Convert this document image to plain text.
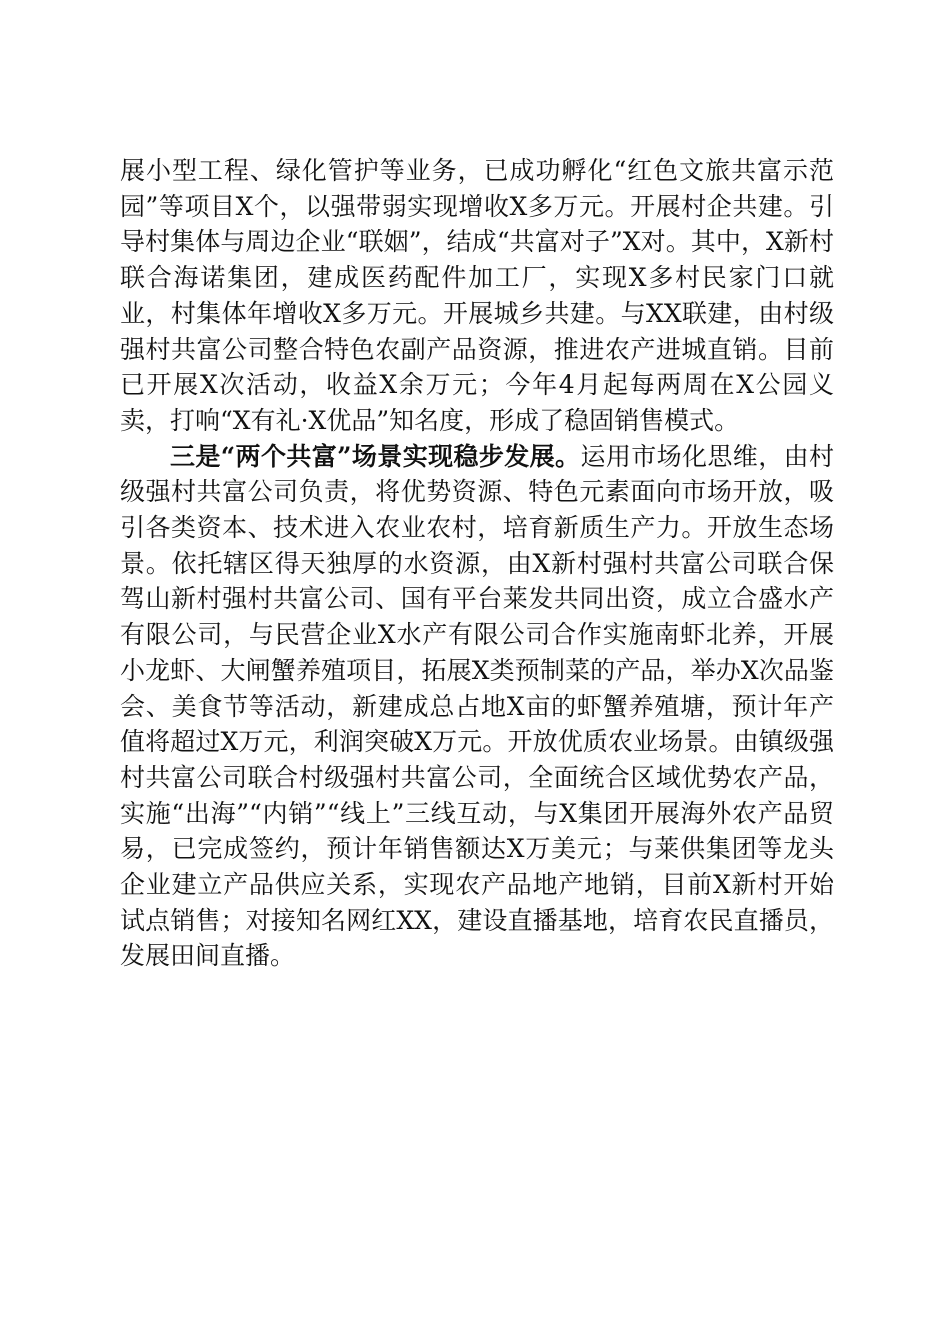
展小型工程、绿化管护等业务，已成功孵化“红色文旅共富示范园”等项目X个，以强带弱实现增收X多万元。开展村企共建。引导村集体与周边企业“联姻”，结成“共富对子”X对。其中，X新村联合海诺集团，建成医药配件加工厂，实现X多村民家门口就业，村集体年增收X多万元。开展城乡共建。与XX联建，由村级强村共富公司整合特色农副产品资源，推进农产进城直销。目前已开展X次活动，收益X余万元；今年4月起每两周在X公园义卖，打响“X有礼·X优品”知名度，形成了稳固销售模式。

三是“两个共富”场景实现稳步发展。运用市场化思维，由村级强村共富公司负责，将优势资源、特色元素面向市场开放，吸引各类资本、技术进入农业农村，培育新质生产力。开放生态场景。依托辖区得天独厚的水资源，由X新村强村共富公司联合保驾山新村强村共富公司、国有平台莱发共同出资，成立合盛水产有限公司，与民营企业X水产有限公司合作实施南虾北养，开展小龙虾、大闸蟹养殖项目，拓展X类预制菜的产品，举办X次品鉴会、美食节等活动，新建成总占地X亩的虾蟹养殖塘，预计年产值将超过X万元，利润突破X万元。开放优质农业场景。由镇级强村共富公司联合村级强村共富公司，全面统合区域优势农产品，实施“出海”“内销”“线上”三线互动，与X集团开展海外农产品贸易，已完成签约，预计年销售额达X万美元；与莱供集团等龙头企业建立产品供应关系，实现农产品地产地销，目前X新村开始试点销售；对接知名网红XX，建设直播基地，培育农民直播员，发展田间直播。
